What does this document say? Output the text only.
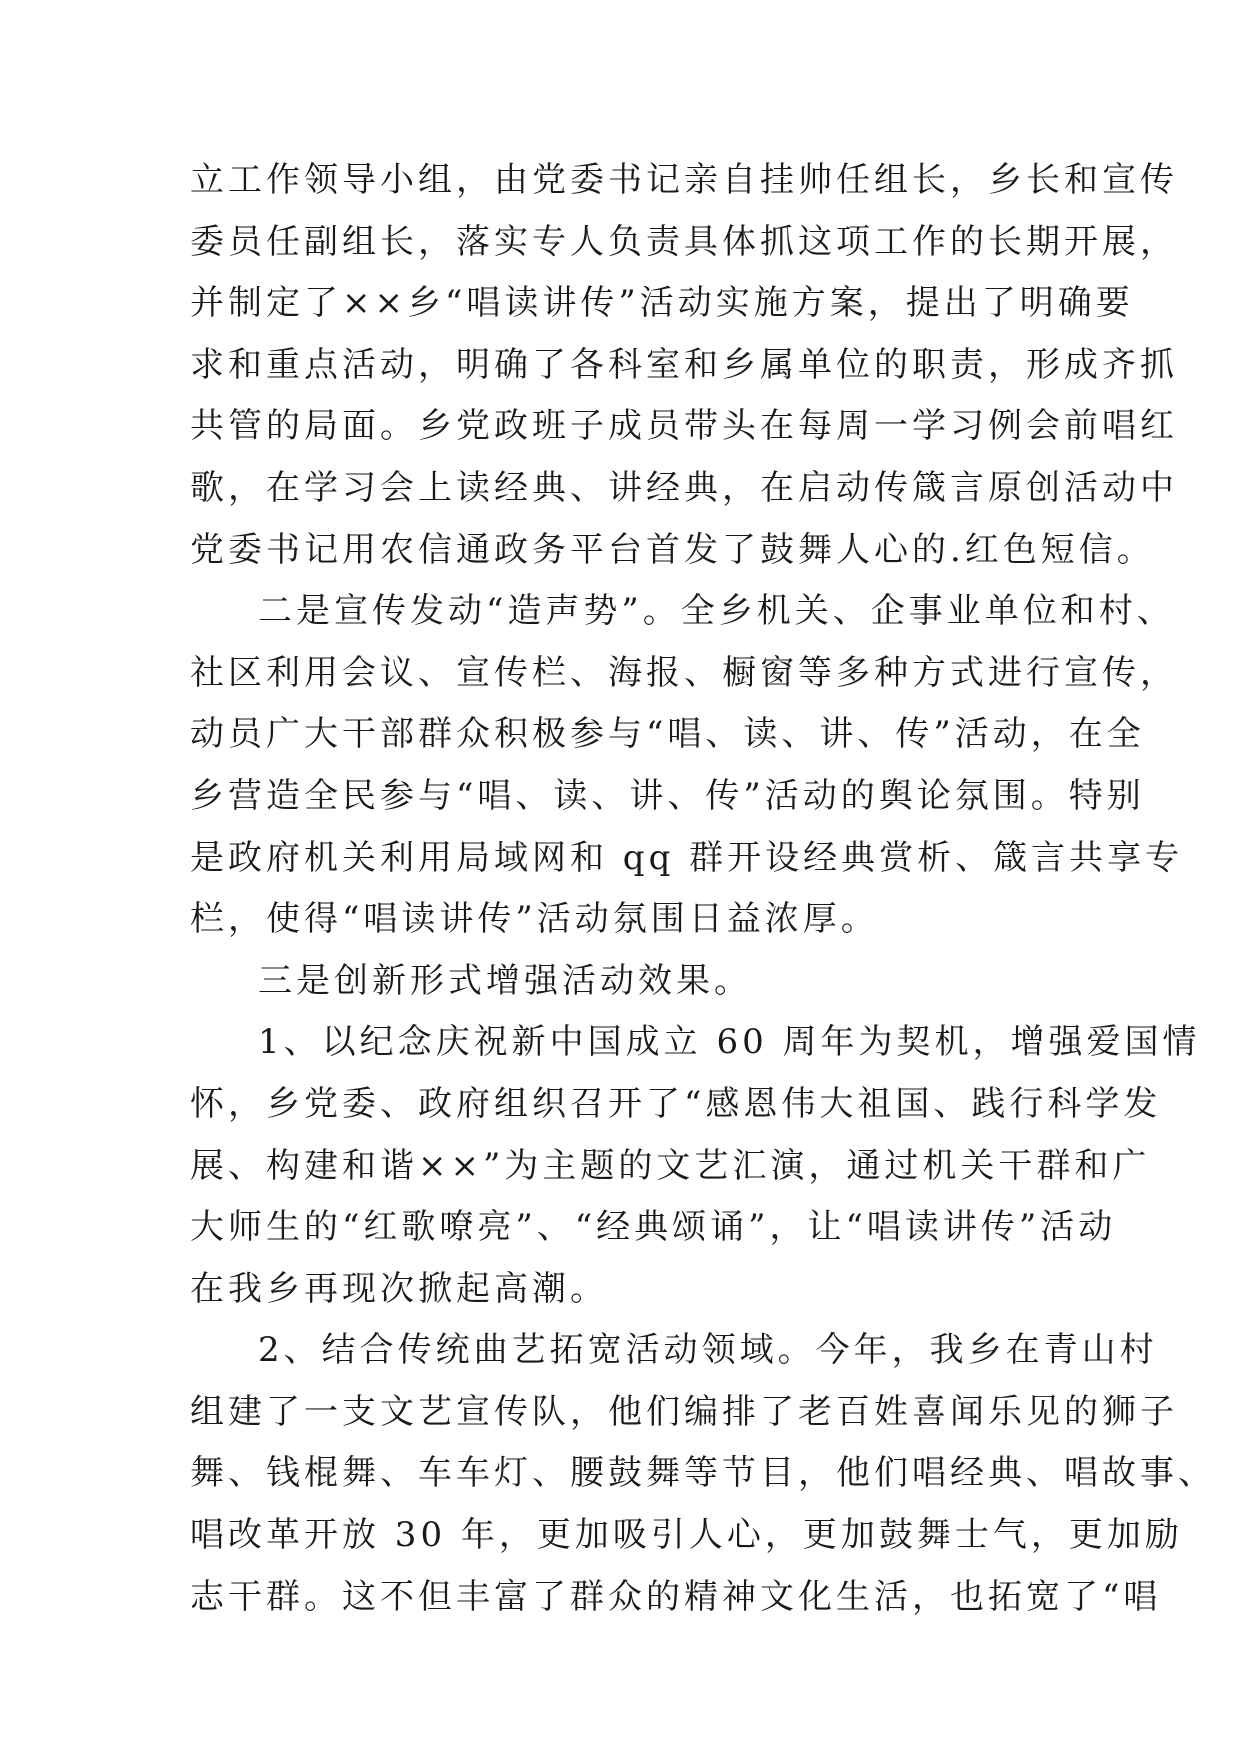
立工作领导小组，由党委书记亲自挂帅任组长，乡长和宣传
委员任副组长，落实专人负责具体抓这项工作的长期开展，
并制定了××乡“唱读讲传”活动实施方案，提出了明确要
求和重点活动，明确了各科室和乡属单位的职责，形成齐抓
共管的局面。乡党政班子成员带头在每周一学习例会前唱红
歌，在学习会上读经典、讲经典，在启动传箴言原创活动中
党委书记用农信通政务平台首发了鼓舞人心的.红色短信。
二是宣传发动“造声势”。全乡机关、企事业单位和村、
社区利用会议、宣传栏、海报、橱窗等多种方式进行宣传，
动员广大干部群众积极参与“唱、读、讲、传”活动，在全
乡营造全民参与“唱、读、讲、传”活动的舆论氛围。特别
是政府机关利用局域网和 qq 群开设经典赏析、箴言共享专
栏，使得“唱读讲传”活动氛围日益浓厚。
三是创新形式增强活动效果。
1、以纪念庆祝新中国成立 60 周年为契机，增强爱国情
怀，乡党委、政府组织召开了“感恩伟大祖国、践行科学发
展、构建和谐××”为主题的文艺汇演，通过机关干群和广
大师生的“红歌嘹亮”、“经典颂诵”，让“唱读讲传”活动
在我乡再现次掀起高潮。
2、结合传统曲艺拓宽活动领域。今年，我乡在青山村
组建了一支文艺宣传队，他们编排了老百姓喜闻乐见的狮子
舞、钱棍舞、车车灯、腰鼓舞等节目，他们唱经典、唱故事、
唱改革开放 30 年，更加吸引人心，更加鼓舞士气，更加励
志干群。这不但丰富了群众的精神文化生活，也拓宽了“唱
